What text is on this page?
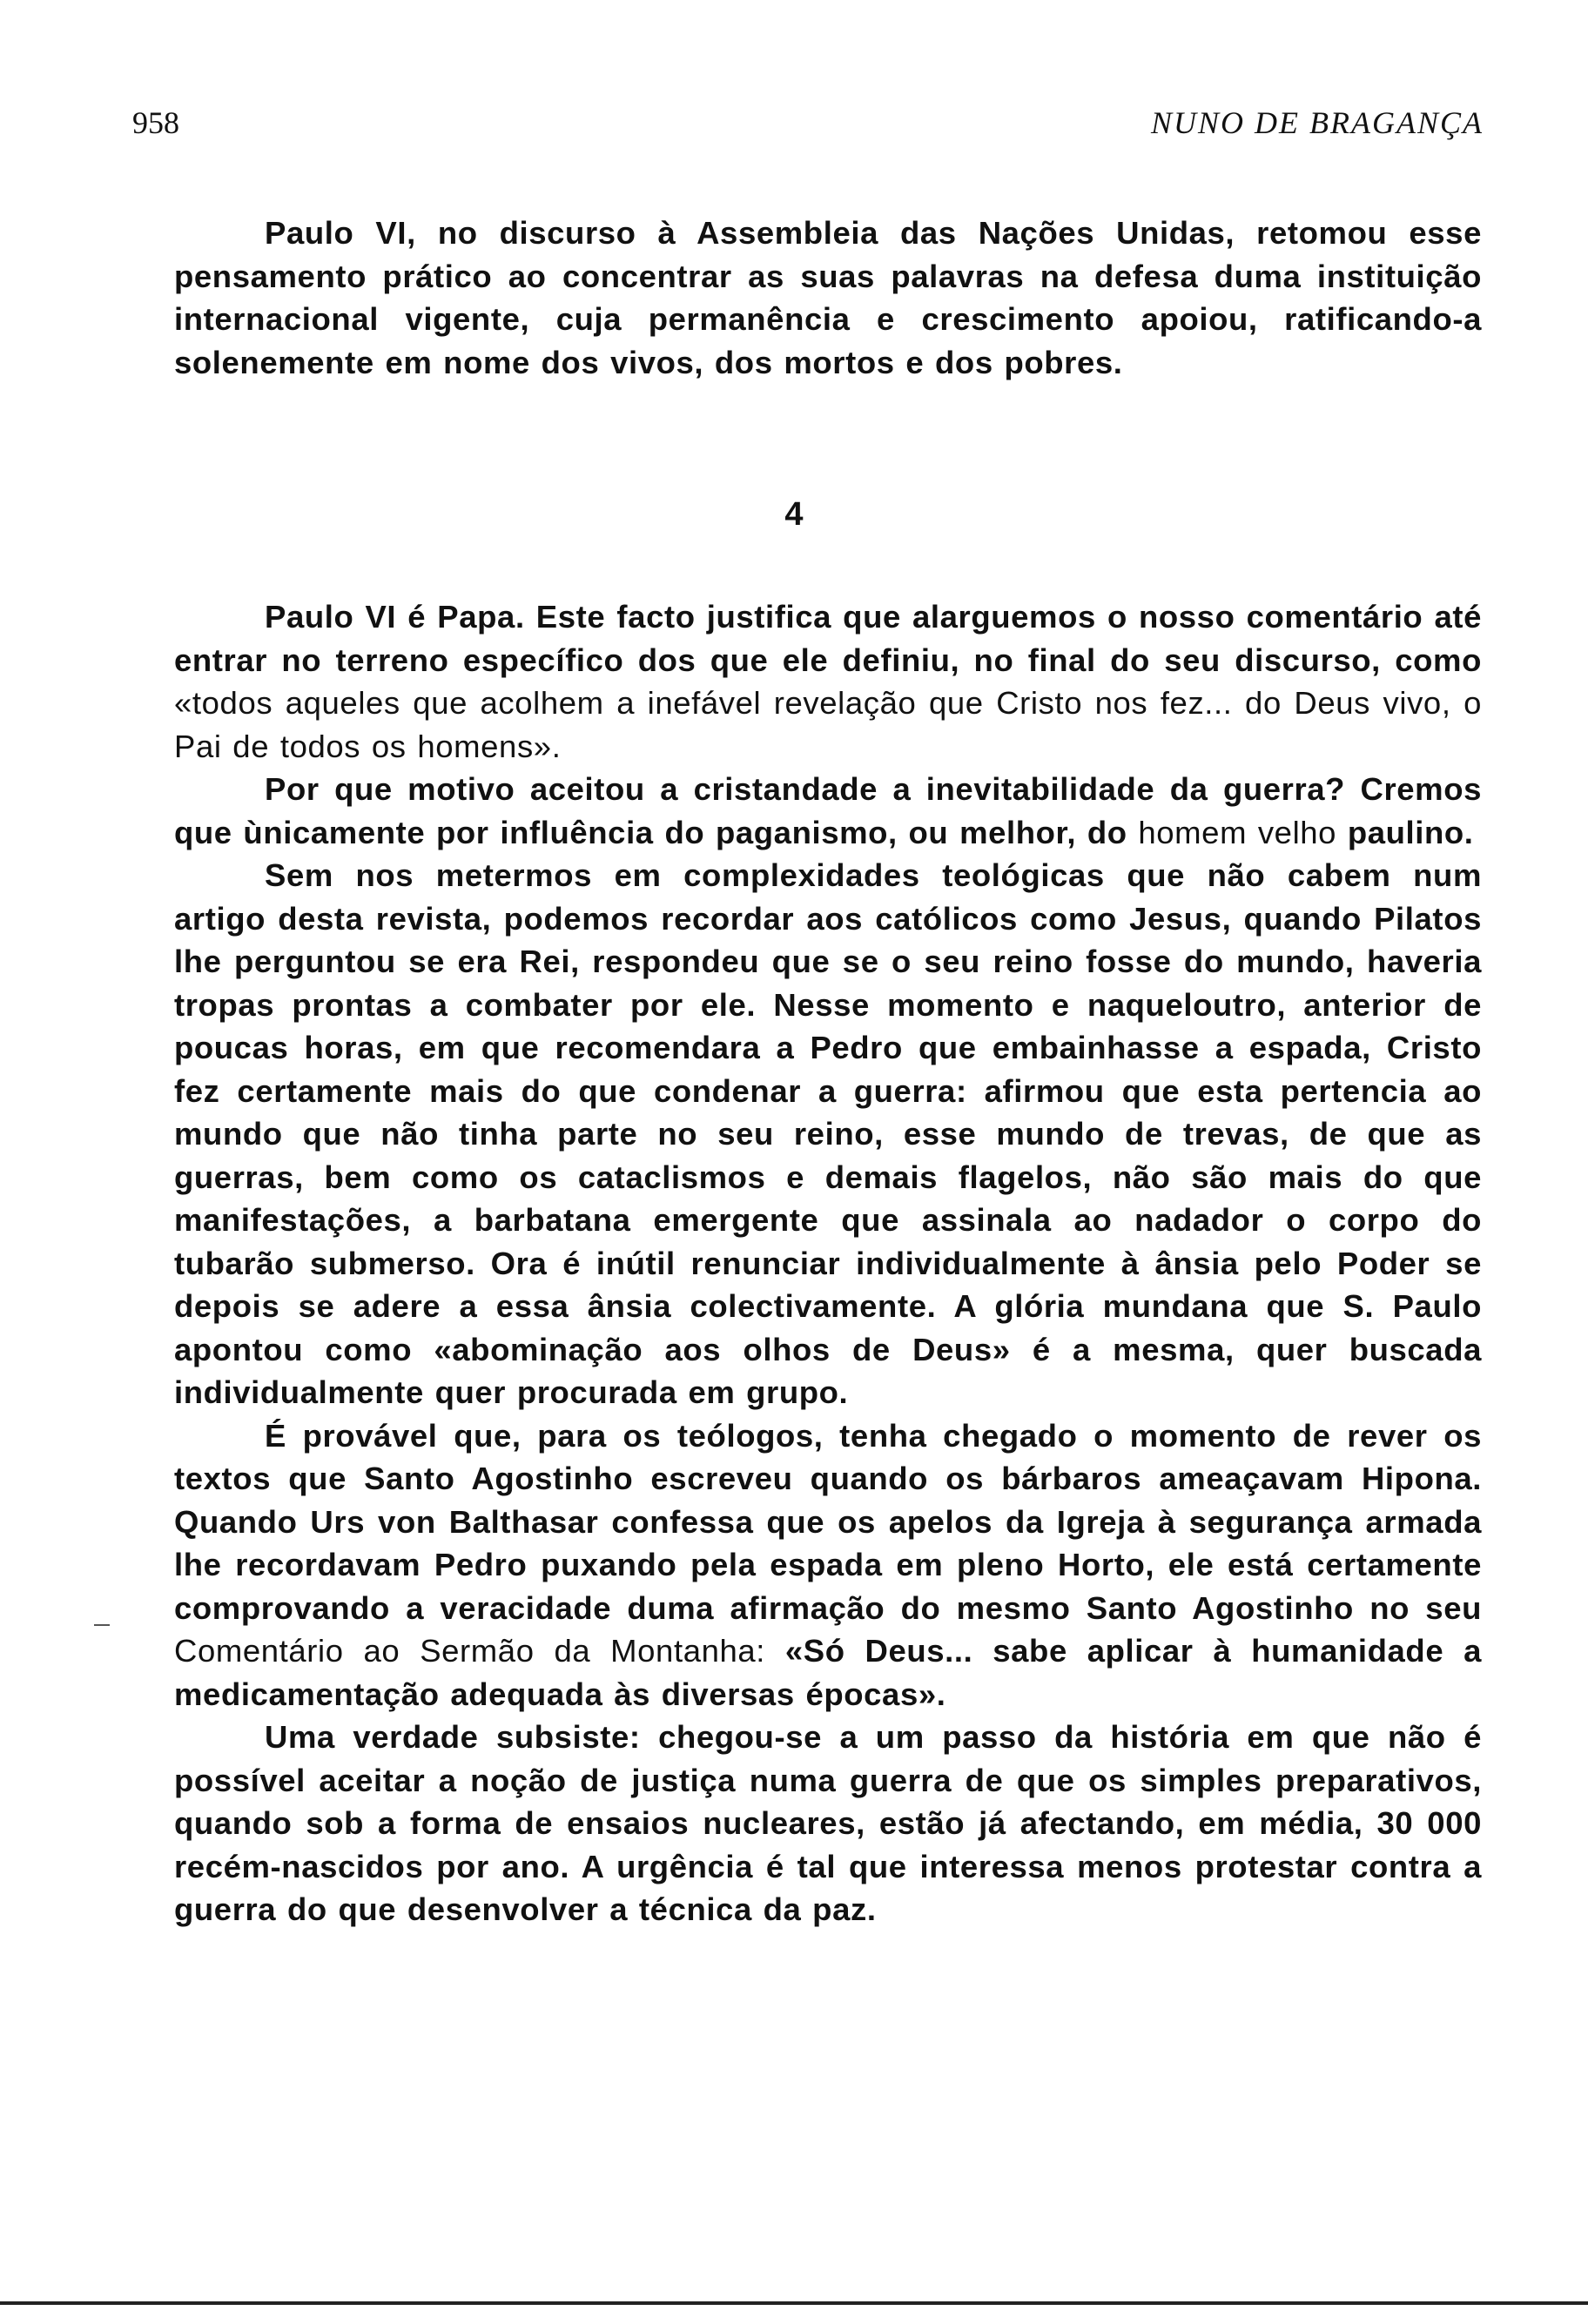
958	NUNO DE BRAGANÇA

Paulo VI, no discurso à Assembleia das Nações Unidas, retomou esse pensamento prático ao concentrar as suas palavras na defesa duma instituição internacional vigente, cuja permanência e crescimento apoiou, ratificando-a solenemente em nome dos vivos, dos mortos e dos pobres.

4

Paulo VI é Papa. Este facto justifica que alarguemos o nosso comentário até entrar no terreno específico dos que ele definiu, no final do seu discurso, como «todos aqueles que acolhem a inefável revelação que Cristo nos fez... do Deus vivo, o Pai de todos os homens».

Por que motivo aceitou a cristandade a inevitabilidade da guerra? Cremos que ùnicamente por influência do paganismo, ou melhor, do homem velho paulino.

Sem nos metermos em complexidades teológicas que não cabem num artigo desta revista, podemos recordar aos católicos como Jesus, quando Pilatos lhe perguntou se era Rei, respondeu que se o seu reino fosse do mundo, haveria tropas prontas a combater por ele. Nesse momento e naqueloutro, anterior de poucas horas, em que recomendara a Pedro que embainhasse a espada, Cristo fez certamente mais do que condenar a guerra: afirmou que esta pertencia ao mundo que não tinha parte no seu reino, esse mundo de trevas, de que as guerras, bem como os cataclismos e demais flagelos, não são mais do que manifestações, a barbatana emergente que assinala ao nadador o corpo do tubarão submerso. Ora é inútil renunciar individualmente à ânsia pelo Poder se depois se adere a essa ânsia colectivamente. A glória mundana que S. Paulo apontou como «abominação aos olhos de Deus» é a mesma, quer buscada individualmente quer procurada em grupo.

É provável que, para os teólogos, tenha chegado o momento de rever os textos que Santo Agostinho escreveu quando os bárbaros ameaçavam Hipona. Quando Urs von Balthasar confessa que os apelos da Igreja à segurança armada lhe recordavam Pedro puxando pela espada em pleno Horto, ele está certamente comprovando a veracidade duma afirmação do mesmo Santo Agostinho no seu Comentário ao Sermão da Montanha: «Só Deus... sabe aplicar à humanidade a medicamentação adequada às diversas épocas».

Uma verdade subsiste: chegou-se a um passo da história em que não é possível aceitar a noção de justiça numa guerra de que os simples preparativos, quando sob a forma de ensaios nucleares, estão já afectando, em média, 30 000 recém-nascidos por ano. A urgência é tal que interessa menos protestar contra a guerra do que desenvolver a técnica da paz.
